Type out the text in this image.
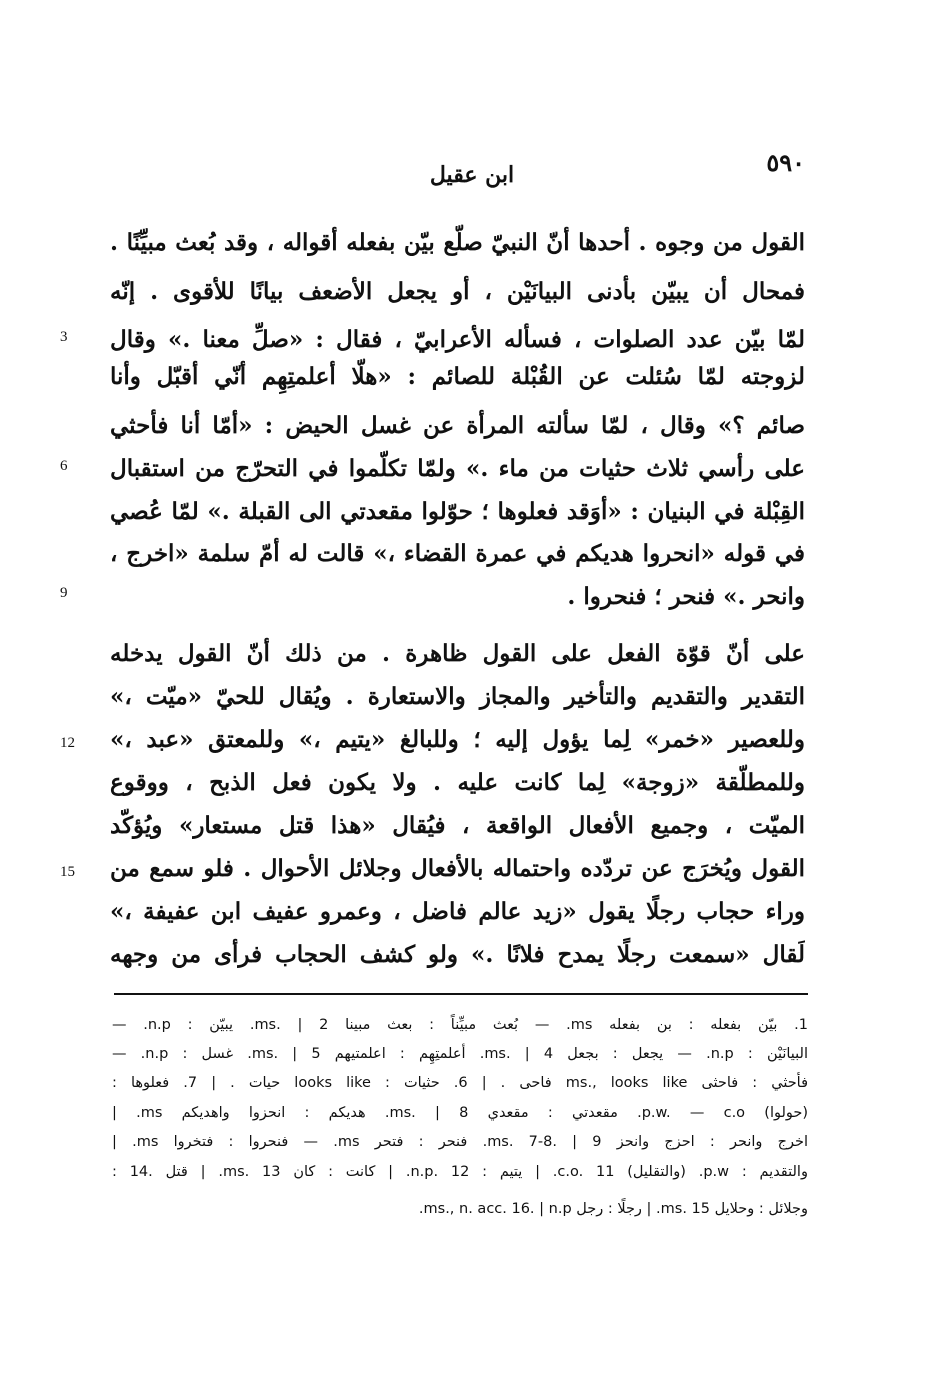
٥٩٠
ابن عقيل
القول من وجوه . أحدها أنّ النبيّ صلّع بيّن بفعله أقواله ، وقد بُعث مبيِّنًا .
فمحال أن يبيّن بأدنى البيانَيْن ، أو يجعل الأضعف بيانًا للأقوى . إنّه
لمّا بيّن عدد الصلوات ، فسأله الأعرابيّ ، فقال : «صلِّ معنا .» وقال
لزوجته لمّا سُئلت عن القُبْلة للصائم : «هلّا أعلمتِهِم أنّي أقبّل وأنا
صائم ؟» وقال ، لمّا سألته المرأة عن غسل الحيض : «أمّا أنا فأحثي
على رأسي ثلاث حثيات من ماء .» ولمّا تكلّموا في التحرّج من استقبال
القِبْلة في البنيان : «أوَقد فعلوها ؛ حوّلوا مقعدتي الى القبلة .» لمّا عُصي
في قوله «انحروا هديكم في عمرة القضاء ،» قالت له أمّ سلمة «اخرج ،
وانحر .» فنحر ؛ فنحروا .
على أنّ قوّة الفعل على القول ظاهرة . من ذلك أنّ القول يدخله
التقدير والتقديم والتأخير والمجاز والاستعارة . ويُقال للحيّ «ميّت ،»
وللعصير «خمر» لِما يؤول إليه ؛ وللبالغ «يتيم ،» وللمعتق «عبد ،»
وللمطلّقة «زوجة» لِما كانت عليه . ولا يكون فعل الذبح ، ووقوع
الميّت ، وجميع الأفعال الواقعة ، فيُقال «هذا قتل مستعار» ويُؤكّد
القول ويُخرَج عن تردّده واحتماله بالأفعال وجلائل الأحوال . فلو سمع من
وراء حجاب رجلًا يقول «زيد عالم فاضل ، وعمرو عفيف ابن عفيفة ،»
لَقال «سمعت رجلًا يمدح فلانًا .» ولو كشف الحجاب فرأى من وجهه
3
6
9
12
15
1. بيّن بفعله : بن بفعله ms. — بُعث مبيِّناً : بعث مبينا ms. | 2. يبيّن : n.p. —
البيانَيْن : n.p. — يجعل : بجعل ms. | 4. أعلمتِهِم : اعلمتيهم ms. | 5. غسل : n.p. —
فأحثي : فاحثى ms., looks like فاحى . | 6. حثيات : looks like حيات . | 7. فعلوها :
(حولوا) p.w. — c.o. مقعدتي : مقعدي ms. | 8. هديكم : انحزوا واهديكم ms. |
اخرج وانحر : احزج وانحز ms. 7-8. | 9. فنحر : فتحر ms. — فنحروا : فتخروا ms. |
والتقديم : p.w. (والتقليل) c.o. 11. | يتيم : n.p. 12. | كانت : كان ms. 13. | قتل .14 :
وجلائل : وحلايل ms. 15. | رجلًا : رجل ms., n. acc. 16. | n.p.
